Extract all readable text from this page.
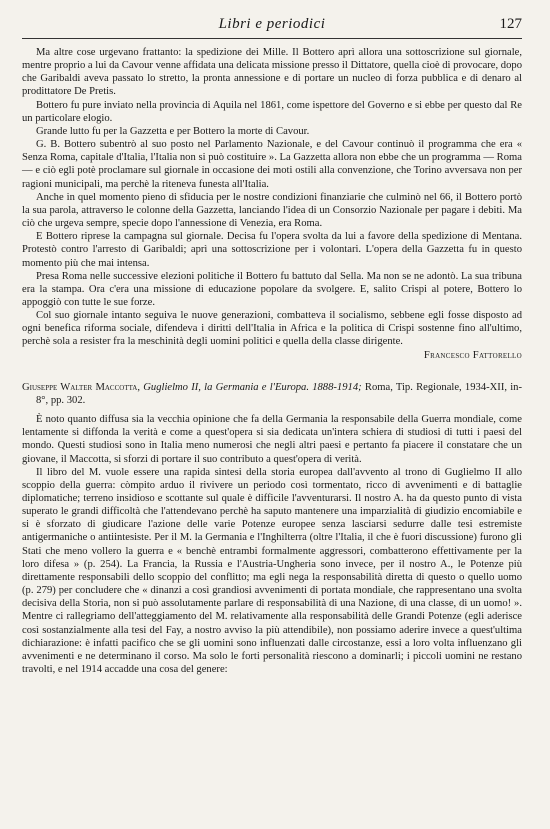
Libri e periodici	127

Ma altre cose urgevano frattanto: la spedizione dei Mille. Il Bottero aprì allora una sottoscrizione sul giornale, mentre proprio a lui da Cavour venne affidata una delicata missione presso il Dittatore, quella cioè di provocare, dopo che Garibaldi aveva passato lo stretto, la pronta annessione e di portare un nucleo di forza pubblica e di denaro al prodittatore De Pretis.

Bottero fu pure inviato nella provincia di Aquila nel 1861, come ispettore del Governo e si ebbe per questo dal Re un particolare elogio.

Grande lutto fu per la Gazzetta e per Bottero la morte di Cavour.

G. B. Bottero subentrò al suo posto nel Parlamento Nazionale, e del Cavour continuò il programma che era « Senza Roma, capitale d'Italia, l'Italia non si può costituire ». La Gazzetta allora non ebbe che un programma — Roma — e ciò egli potè proclamare sul giornale in occasione dei moti ostili alla convenzione, che Torino avversava non per ragioni municipali, ma perchè la riteneva funesta all'Italia.

Anche in quel momento pieno di sfiducia per le nostre condizioni finanziarie che culminò nel 66, il Bottero portò la sua parola, attraverso le colonne della Gazzetta, lanciando l'idea di un Consorzio Nazionale per pagare i debiti. Ma ciò che urgeva sempre, specie dopo l'annessione di Venezia, era Roma.

E Bottero riprese la campagna sul giornale. Decisa fu l'opera svolta da lui a favore della spedizione di Mentana. Protestò contro l'arresto di Garibaldi; aprì una sottoscrizione per i volontari. L'opera della Gazzetta fu in questo momento più che mai intensa.

Presa Roma nelle successive elezioni politiche il Bottero fu battuto dal Sella. Ma non se ne adontò. La sua tribuna era la stampa. Ora c'era una missione di educazione popolare da svolgere. E, salito Crispi al potere, Bottero lo appoggiò con tutte le sue forze.

Col suo giornale intanto seguiva le nuove generazioni, combatteva il socialismo, sebbene egli fosse disposto ad ogni benefica riforma sociale, difendeva i diritti dell'Italia in Africa e la politica di Crispi sostenne fino all'ultimo, perchè sola a resister fra la meschinità degli uomini politici e quella della classe dirigente.

Francesco Fattorello

Giuseppe Walter Maccotta, Guglielmo II, la Germania e l'Europa. 1888-1914; Roma, Tip. Regionale, 1934-XII, in-8°, pp. 302.

È noto quanto diffusa sia la vecchia opinione che fa della Germania la responsabile della Guerra mondiale, come lentamente si diffonda la verità e come a quest'opera si sia dedicata un'intera schiera di studiosi di tutti i paesi del mondo. Questi studiosi sono in Italia meno numerosi che negli altri paesi e pertanto fa piacere il constatare che un giovane, il Maccotta, si sforzi di portare il suo contributo a quest'opera di verità.

Il libro del M. vuole essere una rapida sintesi della storia europea dall'avvento al trono di Guglielmo II allo scoppio della guerra: còmpito arduo il rivivere un periodo così tormentato, ricco di avvenimenti e di battaglie diplomatiche; terreno insidioso e scottante sul quale è difficile l'avventurarsi. Il nostro A. ha da questo punto di vista superato le grandi difficoltà che l'attendevano perchè ha saputo mantenere una imparzialità di giudizio encomiabile e si è sforzato di giudicare l'azione delle varie Potenze europee senza lasciarsi sedurre dalle tesi estremiste antigermaniche o antiintesiste. Per il M. la Germania e l'Inghilterra (oltre l'Italia, il che è fuori discussione) furono gli Stati che meno vollero la guerra e « benchè entrambi formalmente aggressori, combatterono effettivamente per la loro difesa » (p. 254). La Francia, la Russia e l'Austria-Ungheria sono invece, per il nostro A., le Potenze più direttamente responsabili dello scoppio del conflitto; ma egli nega la responsabilità diretta di questo o quello uomo (p. 279) per concludere che « dinanzi a così grandiosi avvenimenti di portata mondiale, che rappresentano una svolta decisiva della Storia, non si può assolutamente parlare di responsabilità di una Nazione, di una classe, di un uomo! ». Mentre ci rallegriamo dell'atteggiamento del M. relativamente alla responsabilità delle Grandi Potenze (egli aderisce così sostanzialmente alla tesi del Fay, a nostro avviso la più attendibile), non possiamo aderire invece a quest'ultima dichiarazione: è infatti pacifico che se gli uomini sono influenzati dalle circostanze, essi a loro volta influenzano gli avvenimenti e ne determinano il corso. Ma solo le forti personalità riescono a dominarli; i piccoli uomini ne restano travolti, e nel 1914 accadde una cosa del genere:
